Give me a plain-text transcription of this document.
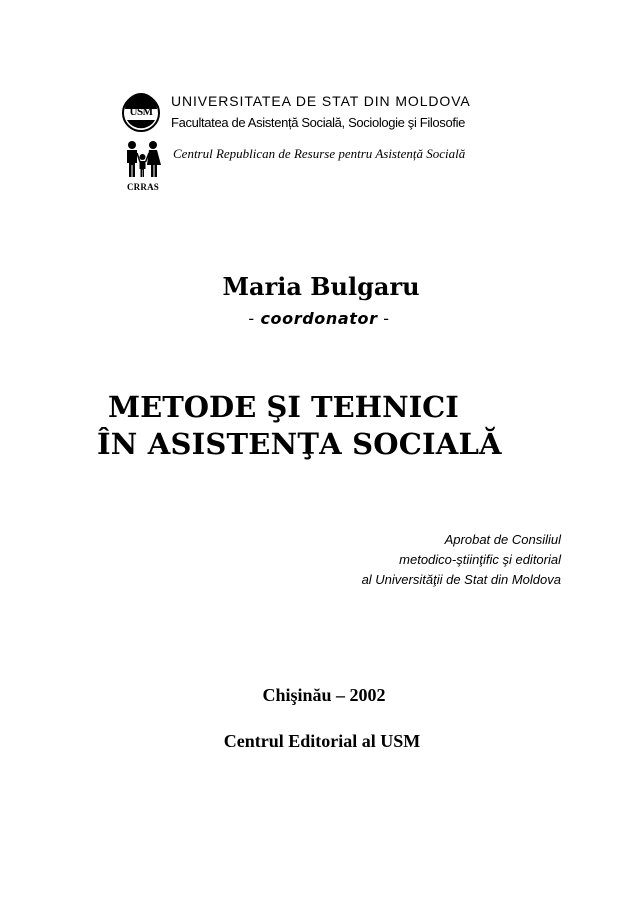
USM
CRRAS
UNIVERSITATEA DE STAT DIN MOLDOVA
Facultatea de Asistență Socială, Sociologie şi Filosofie
Centrul Republican de Resurse pentru Asistență Socială
Maria Bulgaru
- coordonator -
METODE ŞI TEHNICI
ÎN ASISTENŢA SOCIALĂ
Aprobat de Consiliul
metodico-ştiinţific şi editorial
al Universităţii de Stat din Moldova
Chişinău – 2002
Centrul Editorial al USM
